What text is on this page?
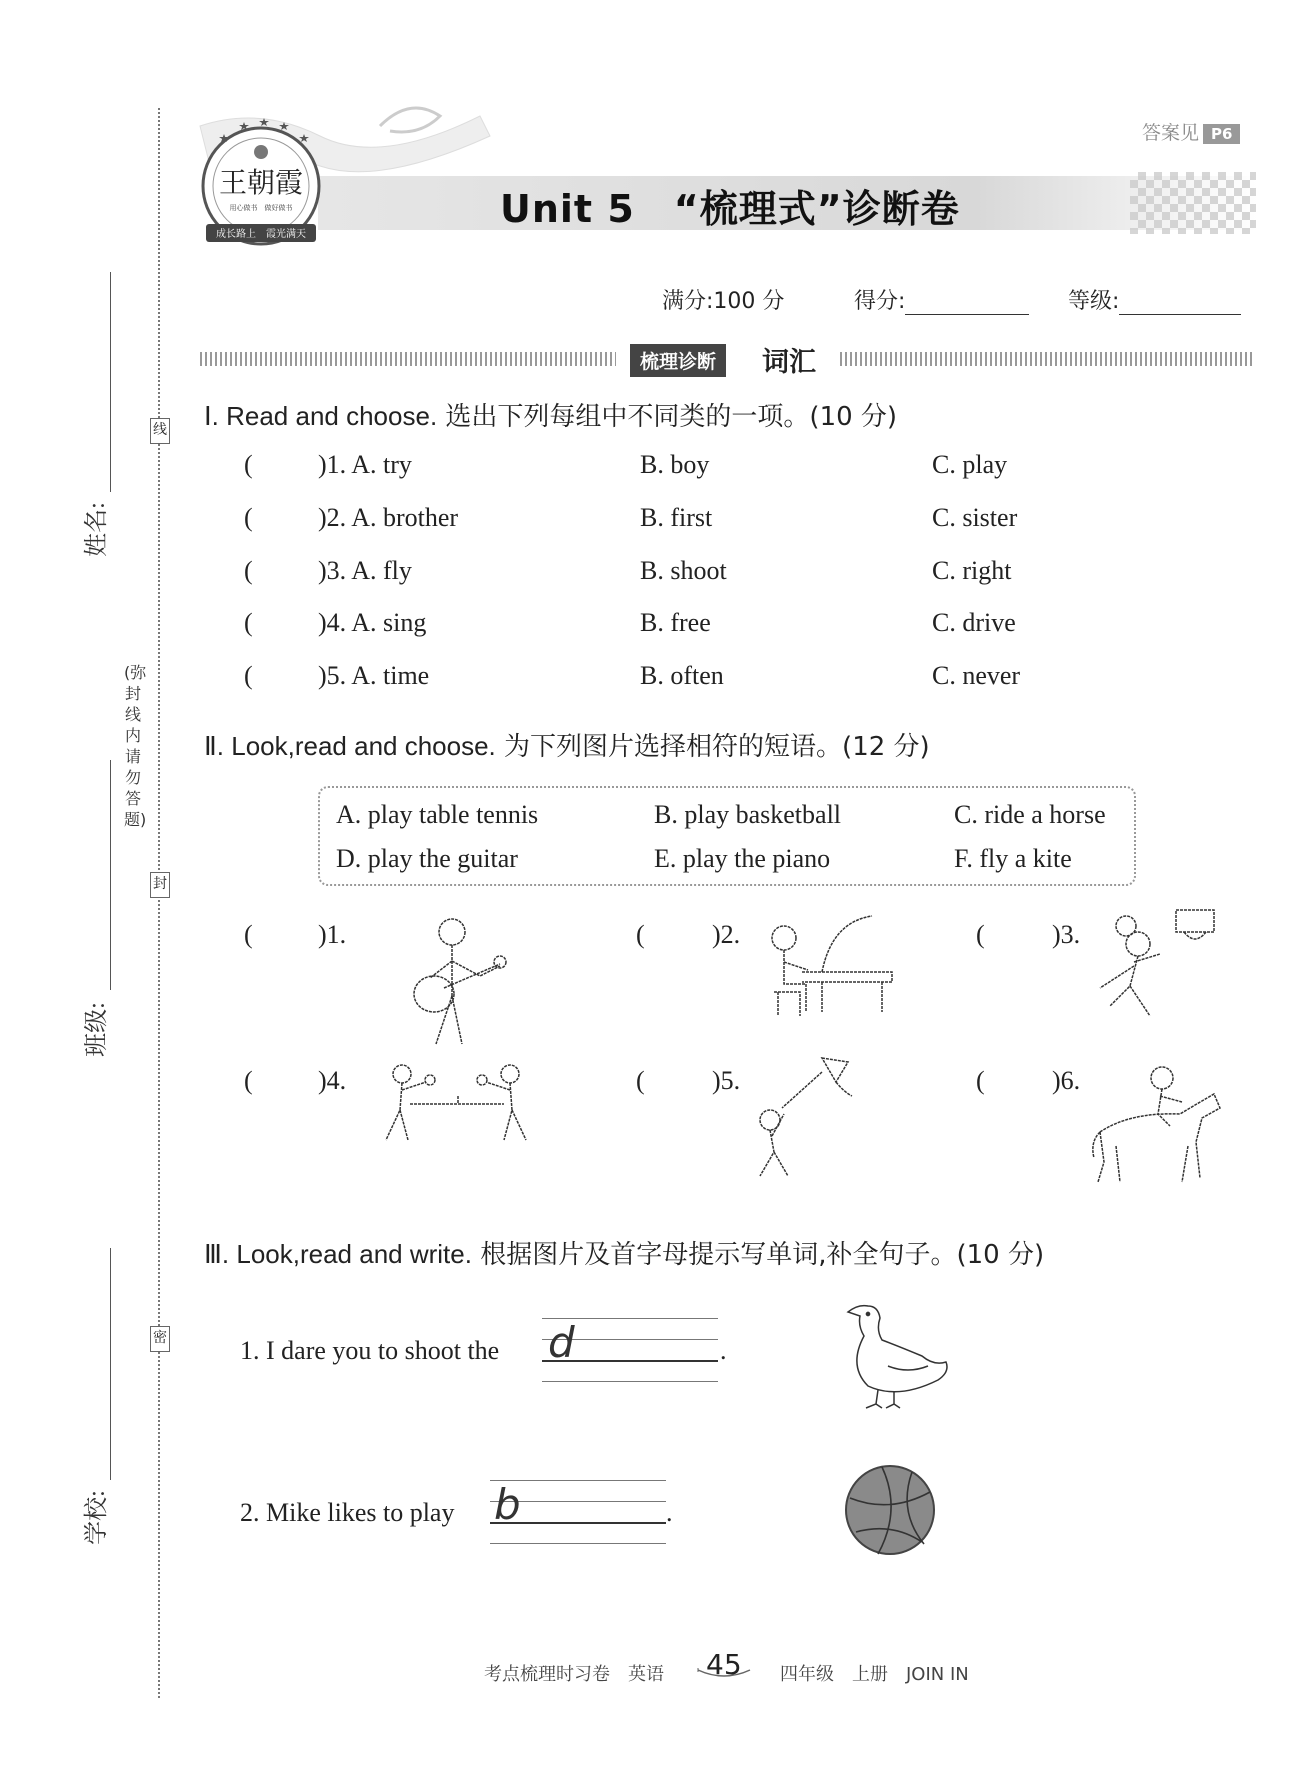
姓名:
班级:
学校:
线
封
密
(弥封线内请勿答题)
答案见 P6
王朝霞
用心做书　做好做书
成长路上　霞光满天
Unit 5　“梳理式”诊断卷
满分:100 分	得分:	等级:
梳理诊断	词汇
Ⅰ. Read and choose. 选出下列每组中不同类的一项。(10 分)
(	)1. A. try	B. boy	C. play
(	)2. A. brother	B. first	C. sister
(	)3. A. fly	B. shoot	C. right
(	)4. A. sing	B. free	C. drive
(	)5. A. time	B. often	C. never
Ⅱ. Look,read and choose. 为下列图片选择相符的短语。(12 分)
A. play table tennis	B. play basketball	C. ride a horse
D. play the guitar	E. play the piano	F. fly a kite
(	)1.	(	)2.	(	)3.
(	)4.	(	)5.	(	)6.
Ⅲ. Look,read and write. 根据图片及首字母提示写单词,补全句子。(10 分)
1. I dare you to shoot the d	.
2. Mike likes to play b	.
考点梳理时习卷　英语 45 四年级　上册　JOIN IN
